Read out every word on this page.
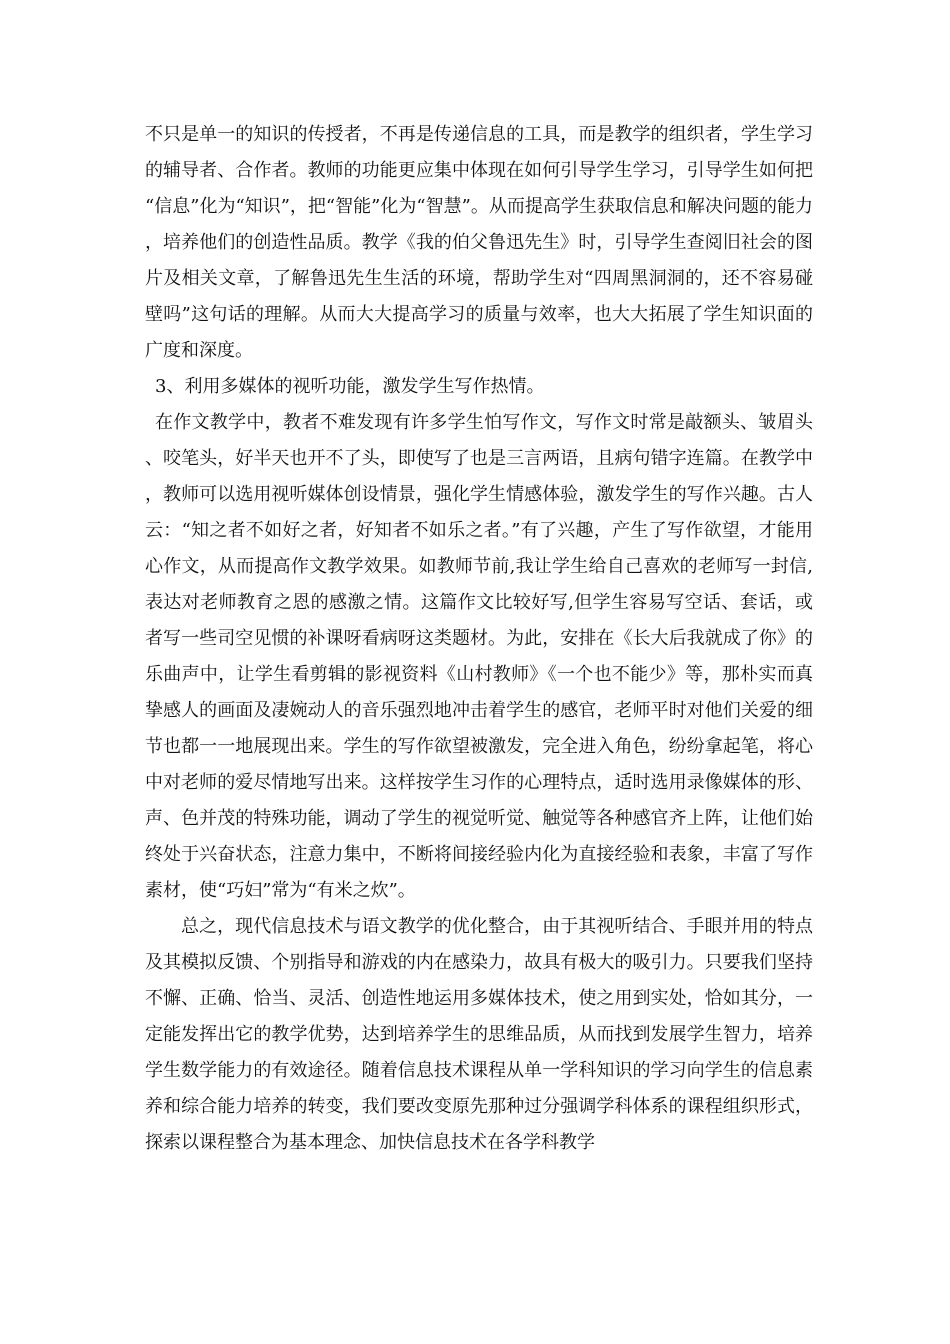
不只是单一的知识的传授者，不再是传递信息的工具，而是教学的组织者，学生学习的辅导者、合作者。教师的功能更应集中体现在如何引导学生学习，引导学生如何把“信息”化为“知识”，把“智能”化为“智慧”。从而提高学生获取信息和解决问题的能力，培养他们的创造性品质。教学《我的伯父鲁迅先生》时，引导学生查阅旧社会的图片及相关文章，了解鲁迅先生生活的环境，帮助学生对“四周黑洞洞的，还不容易碰壁吗”这句话的理解。从而大大提高学习的质量与效率，也大大拓展了学生知识面的广度和深度。

3、利用多媒体的视听功能，激发学生写作热情。

在作文教学中，教者不难发现有许多学生怕写作文，写作文时常是敲额头、皱眉头、咬笔头，好半天也开不了头，即使写了也是三言两语，且病句错字连篇。在教学中，教师可以选用视听媒体创设情景，强化学生情感体验，激发学生的写作兴趣。古人云：“知之者不如好之者，好知者不如乐之者。”有了兴趣，产生了写作欲望，才能用心作文，从而提高作文教学效果。如教师节前,我让学生给自己喜欢的老师写一封信,表达对老师教育之恩的感激之情。这篇作文比较好写,但学生容易写空话、套话，或者写一些司空见惯的补课呀看病呀这类题材。为此，安排在《长大后我就成了你》的乐曲声中，让学生看剪辑的影视资料《山村教师》《一个也不能少》等，那朴实而真挚感人的画面及凄婉动人的音乐强烈地冲击着学生的感官，老师平时对他们关爱的细节也都一一地展现出来。学生的写作欲望被激发，完全进入角色，纷纷拿起笔，将心中对老师的爱尽情地写出来。这样按学生习作的心理特点，适时选用录像媒体的形、声、色并茂的特殊功能，调动了学生的视觉听觉、触觉等各种感官齐上阵，让他们始终处于兴奋状态，注意力集中，不断将间接经验内化为直接经验和表象，丰富了写作素材，使“巧妇”常为“有米之炊”。

总之，现代信息技术与语文教学的优化整合，由于其视听结合、手眼并用的特点及其模拟反馈、个别指导和游戏的内在感染力，故具有极大的吸引力。只要我们坚持不懈、正确、恰当、灵活、创造性地运用多媒体技术，使之用到实处，恰如其分，一定能发挥出它的教学优势，达到培养学生的思维品质，从而找到发展学生智力，培养学生数学能力的有效途径。随着信息技术课程从单一学科知识的学习向学生的信息素养和综合能力培养的转变，我们要改变原先那种过分强调学科体系的课程组织形式，探索以课程整合为基本理念、加快信息技术在各学科教学
